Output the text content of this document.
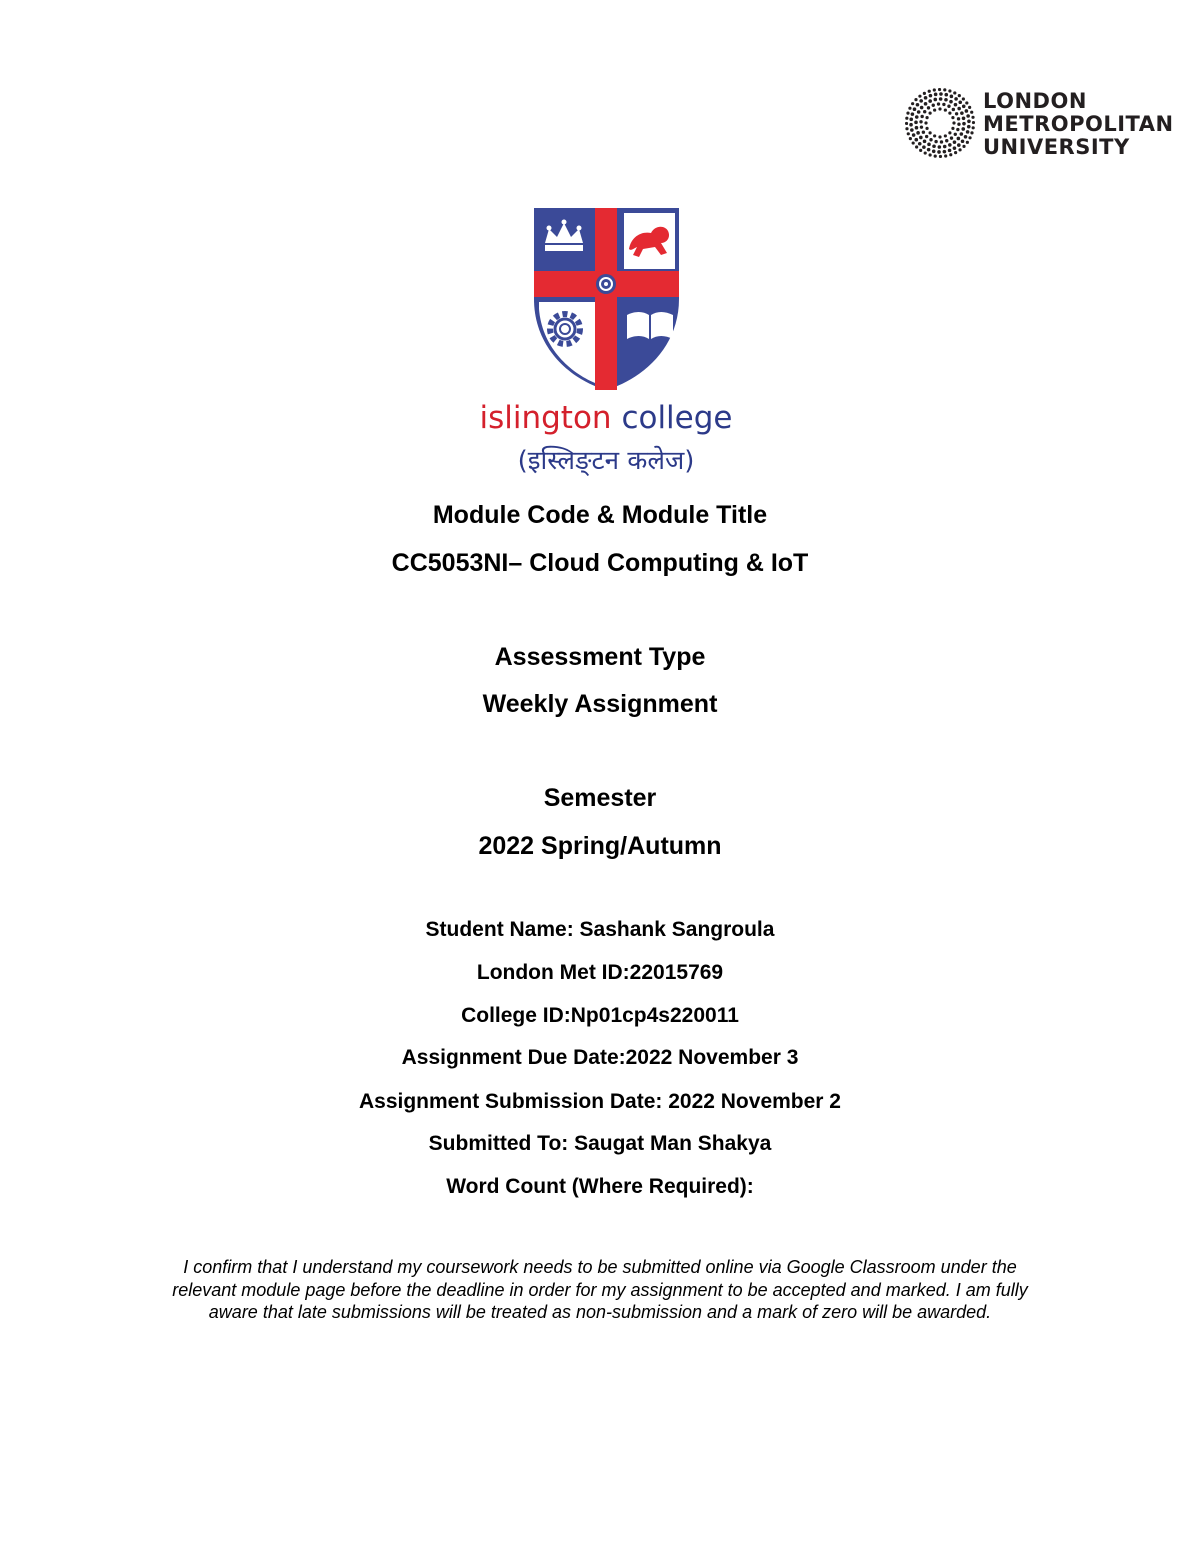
LONDON
METROPOLITAN
UNIVERSITY
islington college
(इस्लिङ्टन कलेज)
Module Code & Module Title
CC5053NI– Cloud Computing & IoT
Assessment Type
Weekly Assignment
Semester
2022 Spring/Autumn
Student Name: Sashank Sangroula
London Met ID:22015769
College ID:Np01cp4s220011
Assignment Due Date:2022 November 3
Assignment Submission Date: 2022 November 2
Submitted To: Saugat Man Shakya
Word Count (Where Required):
I confirm that I understand my coursework needs to be submitted online via Google Classroom under the relevant module page before the deadline in order for my assignment to be accepted and marked. I am fully aware that late submissions will be treated as non-submission and a mark of zero will be awarded.
